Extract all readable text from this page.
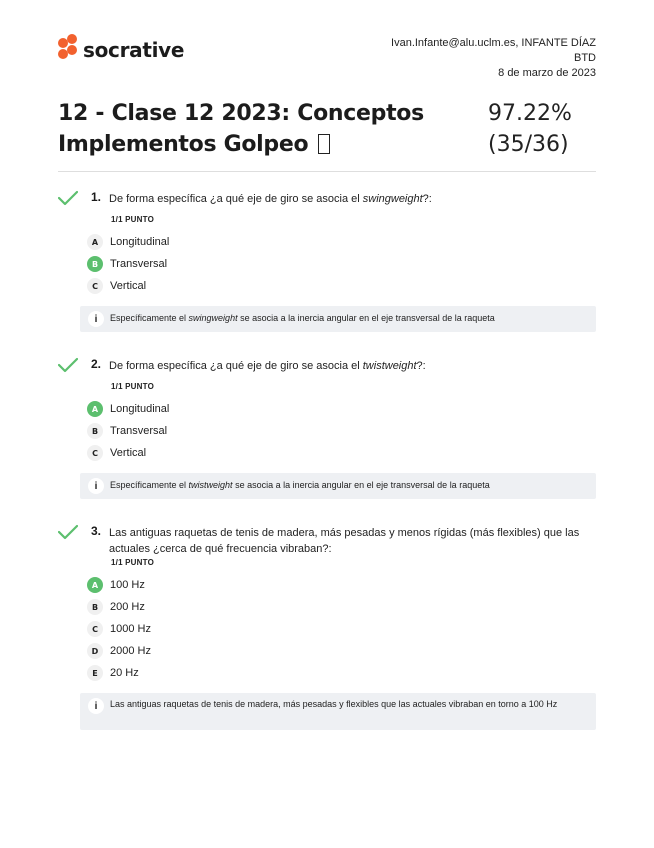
socrative	Ivan.Infante@alu.uclm.es, INFANTE DÍAZ
BTD
8 de marzo de 2023
12 - Clase 12 2023: Conceptos
Implementos Golpeo
97.22%
(35/36)
1. De forma específica ¿a qué eje de giro se asocia el swingweight?:
1/1 PUNTO
A	Longitudinal
B	Transversal
C	Vertical
i	Específicamente el swingweight se asocia a la inercia angular en el eje transversal de la raqueta
2. De forma específica ¿a qué eje de giro se asocia el twistweight?:
1/1 PUNTO
A	Longitudinal
B	Transversal
C	Vertical
i	Específicamente el twistweight se asocia a la inercia angular en el eje transversal de la raqueta
3. Las antiguas raquetas de tenis de madera, más pesadas y menos rígidas (más flexibles) que las actuales ¿cerca de qué frecuencia vibraban?:
1/1 PUNTO
A	100 Hz
B	200 Hz
C	1000 Hz
D	2000 Hz
E	20 Hz
i	Las antiguas raquetas de tenis de madera, más pesadas y flexibles que las actuales vibraban en torno a 100 Hz
